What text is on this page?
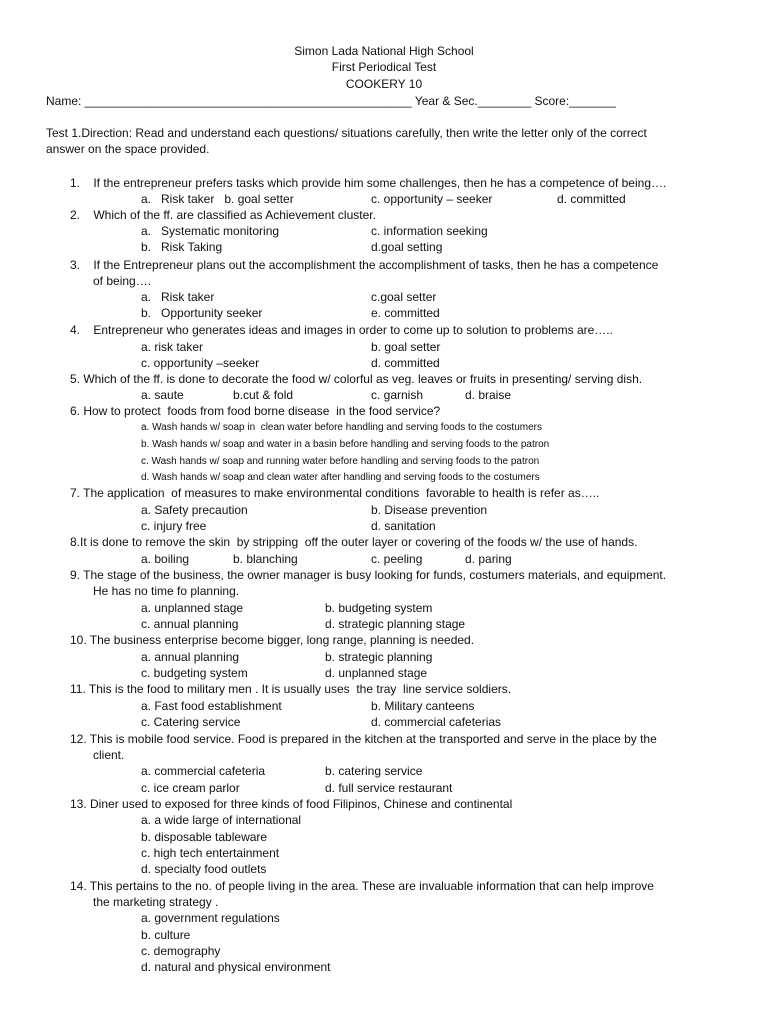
Simon Lada National High School
First Periodical Test
COOKERY 10
Name: _________________________________________________ Year & Sec.________ Score:_______
Test 1.Direction: Read and understand each questions/ situations carefully, then write the letter only of the correct
answer on the space provided.
1.    If the entrepreneur prefers tasks which provide him some challenges, then he has a competence of being….
a.   Risk taker   b. goal setter	c. opportunity – seeker	d. committed
2.    Which of the ff. are classified as Achievement cluster.
a.   Systematic monitoring	c. information seeking
b.   Risk Taking	d.goal setting
3.    If the Entrepreneur plans out the accomplishment the accomplishment of tasks, then he has a competence
of being….
a.   Risk taker	c.goal setter
b.   Opportunity seeker	e. committed
4.    Entrepreneur who generates ideas and images in order to come up to solution to problems are…..
a. risk taker	b. goal setter
c. opportunity –seeker	d. committed
5. Which of the ff. is done to decorate the food w/ colorful as veg. leaves or fruits in presenting/ serving dish.
a. saute	b.cut & fold	c. garnish	d. braise
6. How to protect  foods from food borne disease  in the food service?
a. Wash hands w/ soap in  clean water before handling and serving foods to the costumers
b. Wash hands w/ soap and water in a basin before handling and serving foods to the patron
c. Wash hands w/ soap and running water before handling and serving foods to the patron
d. Wash hands w/ soap and clean water after handling and serving foods to the costumers
7. The application  of measures to make environmental conditions  favorable to health is refer as…..
a. Safety precaution	b. Disease prevention
c. injury free	d. sanitation
8.It is done to remove the skin  by stripping  off the outer layer or covering of the foods w/ the use of hands.
a. boiling	b. blanching	c. peeling	d. paring
9. The stage of the business, the owner manager is busy looking for funds, costumers materials, and equipment.
He has no time fo planning.
a. unplanned stage	b. budgeting system
c. annual planning	d. strategic planning stage
10. The business enterprise become bigger, long range, planning is needed.
a. annual planning	b. strategic planning
c. budgeting system	d. unplanned stage
11. This is the food to military men . It is usually uses  the tray  line service soldiers.
a. Fast food establishment	b. Military canteens
c. Catering service	d. commercial cafeterias
12. This is mobile food service. Food is prepared in the kitchen at the transported and serve in the place by the
client.
a. commercial cafeteria	b. catering service
c. ice cream parlor	d. full service restaurant
13. Diner used to exposed for three kinds of food Filipinos, Chinese and continental
a. a wide large of international
b. disposable tableware
c. high tech entertainment
d. specialty food outlets
14. This pertains to the no. of people living in the area. These are invaluable information that can help improve
the marketing strategy .
a. government regulations
b. culture
c. demography
d. natural and physical environment
